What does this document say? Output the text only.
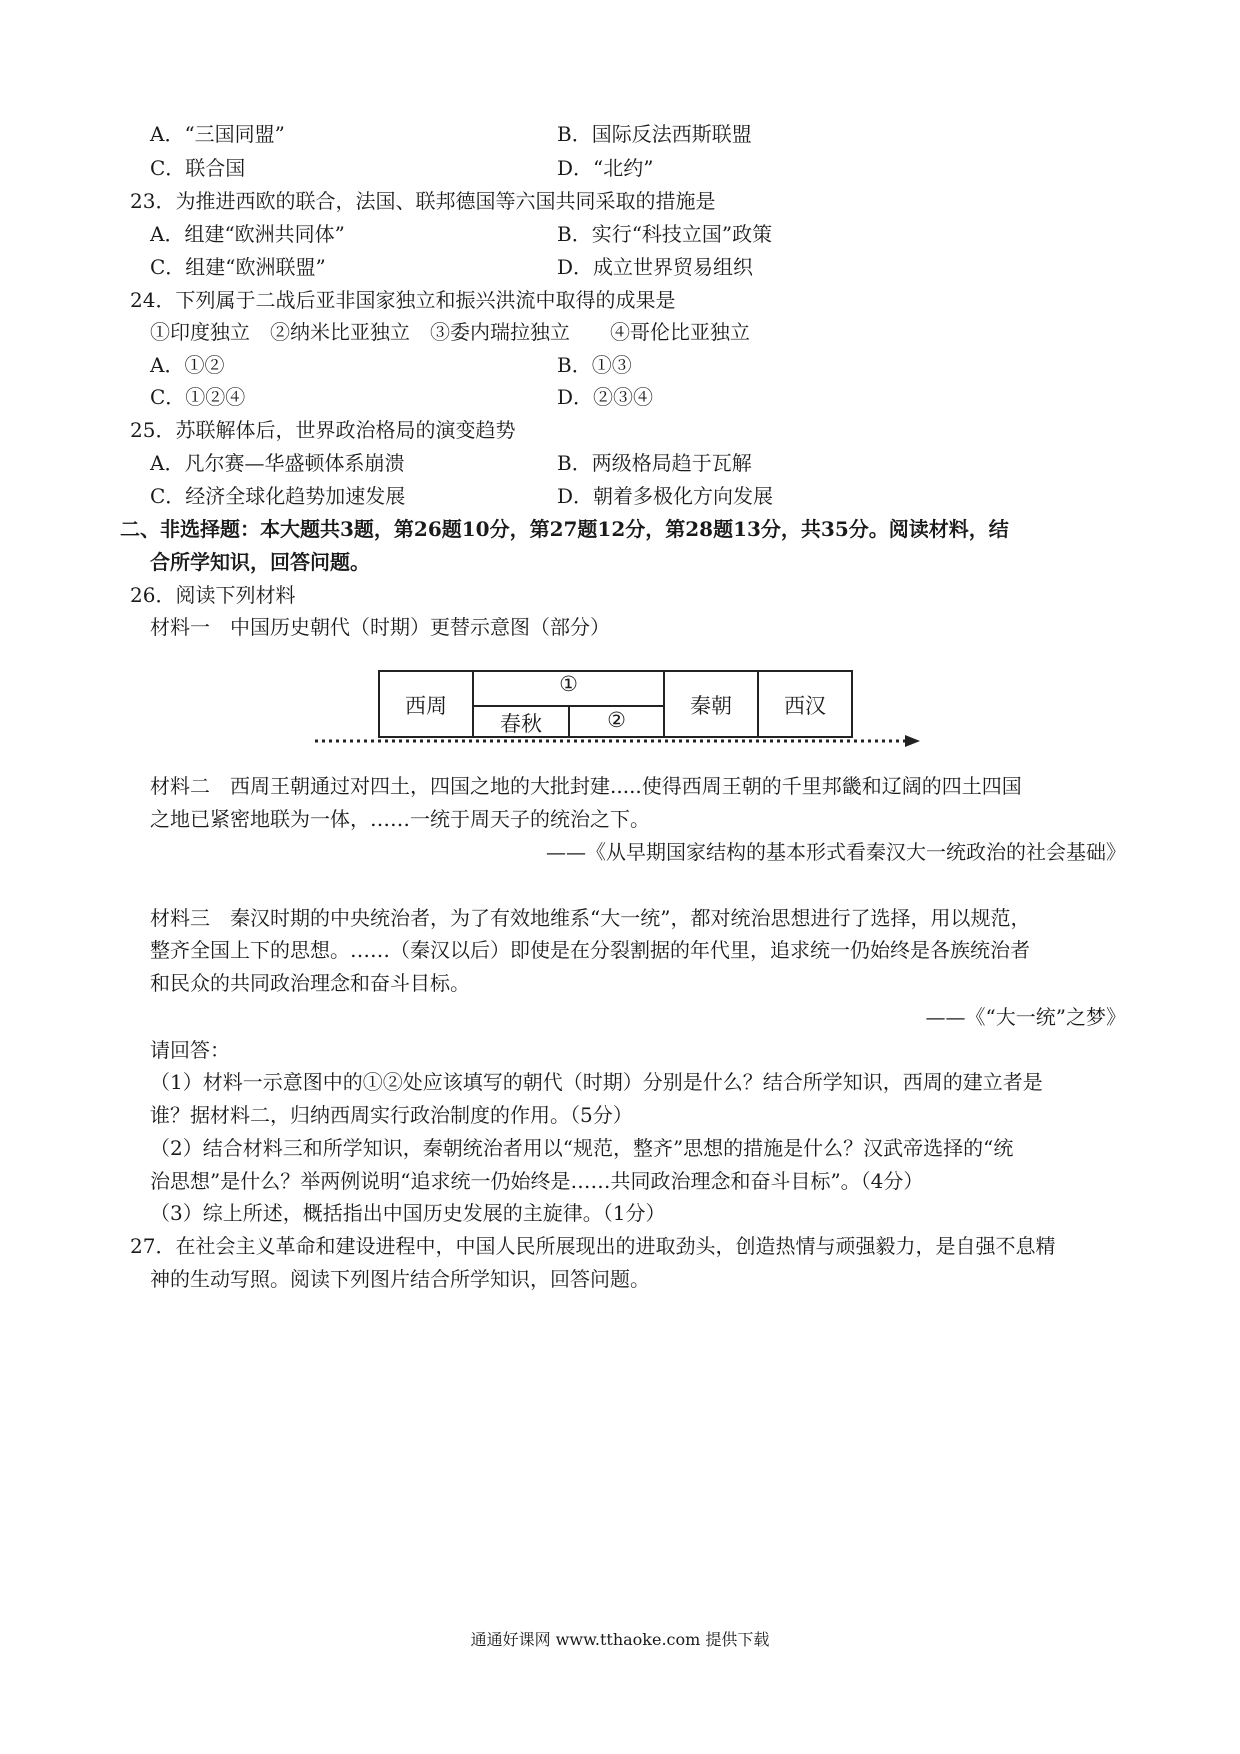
A．“三国同盟”	B．国际反法西斯联盟
C．联合国	D．“北约”
23．为推进西欧的联合，法国、联邦德国等六国共同采取的措施是
A．组建“欧洲共同体”	B．实行“科技立国”政策
C．组建“欧洲联盟”	D．成立世界贸易组织
24．下列属于二战后亚非国家独立和振兴洪流中取得的成果是
①印度独立　②纳米比亚独立　③委内瑞拉独立　　④哥伦比亚独立
A．①②	B．①③
C．①②④	D．②③④
25．苏联解体后，世界政治格局的演变趋势
A．凡尔赛—华盛顿体系崩溃	B．两级格局趋于瓦解
C．经济全球化趋势加速发展	D．朝着多极化方向发展
二、非选择题：本大题共3题，第26题10分，第27题12分，第28题13分，共35分。阅读材料，结
合所学知识，回答问题。
26．阅读下列材料
材料一　中国历史朝代（时期）更替示意图（部分）
西周
①
春秋	②
秦朝	西汉
材料二　西周王朝通过对四土，四国之地的大批封建.....使得西周王朝的千里邦畿和辽阔的四土四国
之地已紧密地联为一体，……一统于周天子的统治之下。
——《从早期国家结构的基本形式看秦汉大一统政治的社会基础》
材料三　秦汉时期的中央统治者，为了有效地维系“大一统”，都对统治思想进行了选择，用以规范，
整齐全国上下的思想。……（秦汉以后）即使是在分裂割据的年代里，追求统一仍始终是各族统治者
和民众的共同政治理念和奋斗目标。
——《“大一统”之梦》
请回答：
（1）材料一示意图中的①②处应该填写的朝代（时期）分别是什么？结合所学知识，西周的建立者是
谁？据材料二，归纳西周实行政治制度的作用。（5分）
（2）结合材料三和所学知识，秦朝统治者用以“规范，整齐”思想的措施是什么？汉武帝选择的“统
治思想”是什么？举两例说明“追求统一仍始终是……共同政治理念和奋斗目标”。（4分）
（3）综上所述，概括指出中国历史发展的主旋律。（1分）
27．在社会主义革命和建设进程中，中国人民所展现出的进取劲头，创造热情与顽强毅力，是自强不息精
神的生动写照。阅读下列图片结合所学知识，回答问题。
通通好课网 www.tthaoke.com 提供下载
